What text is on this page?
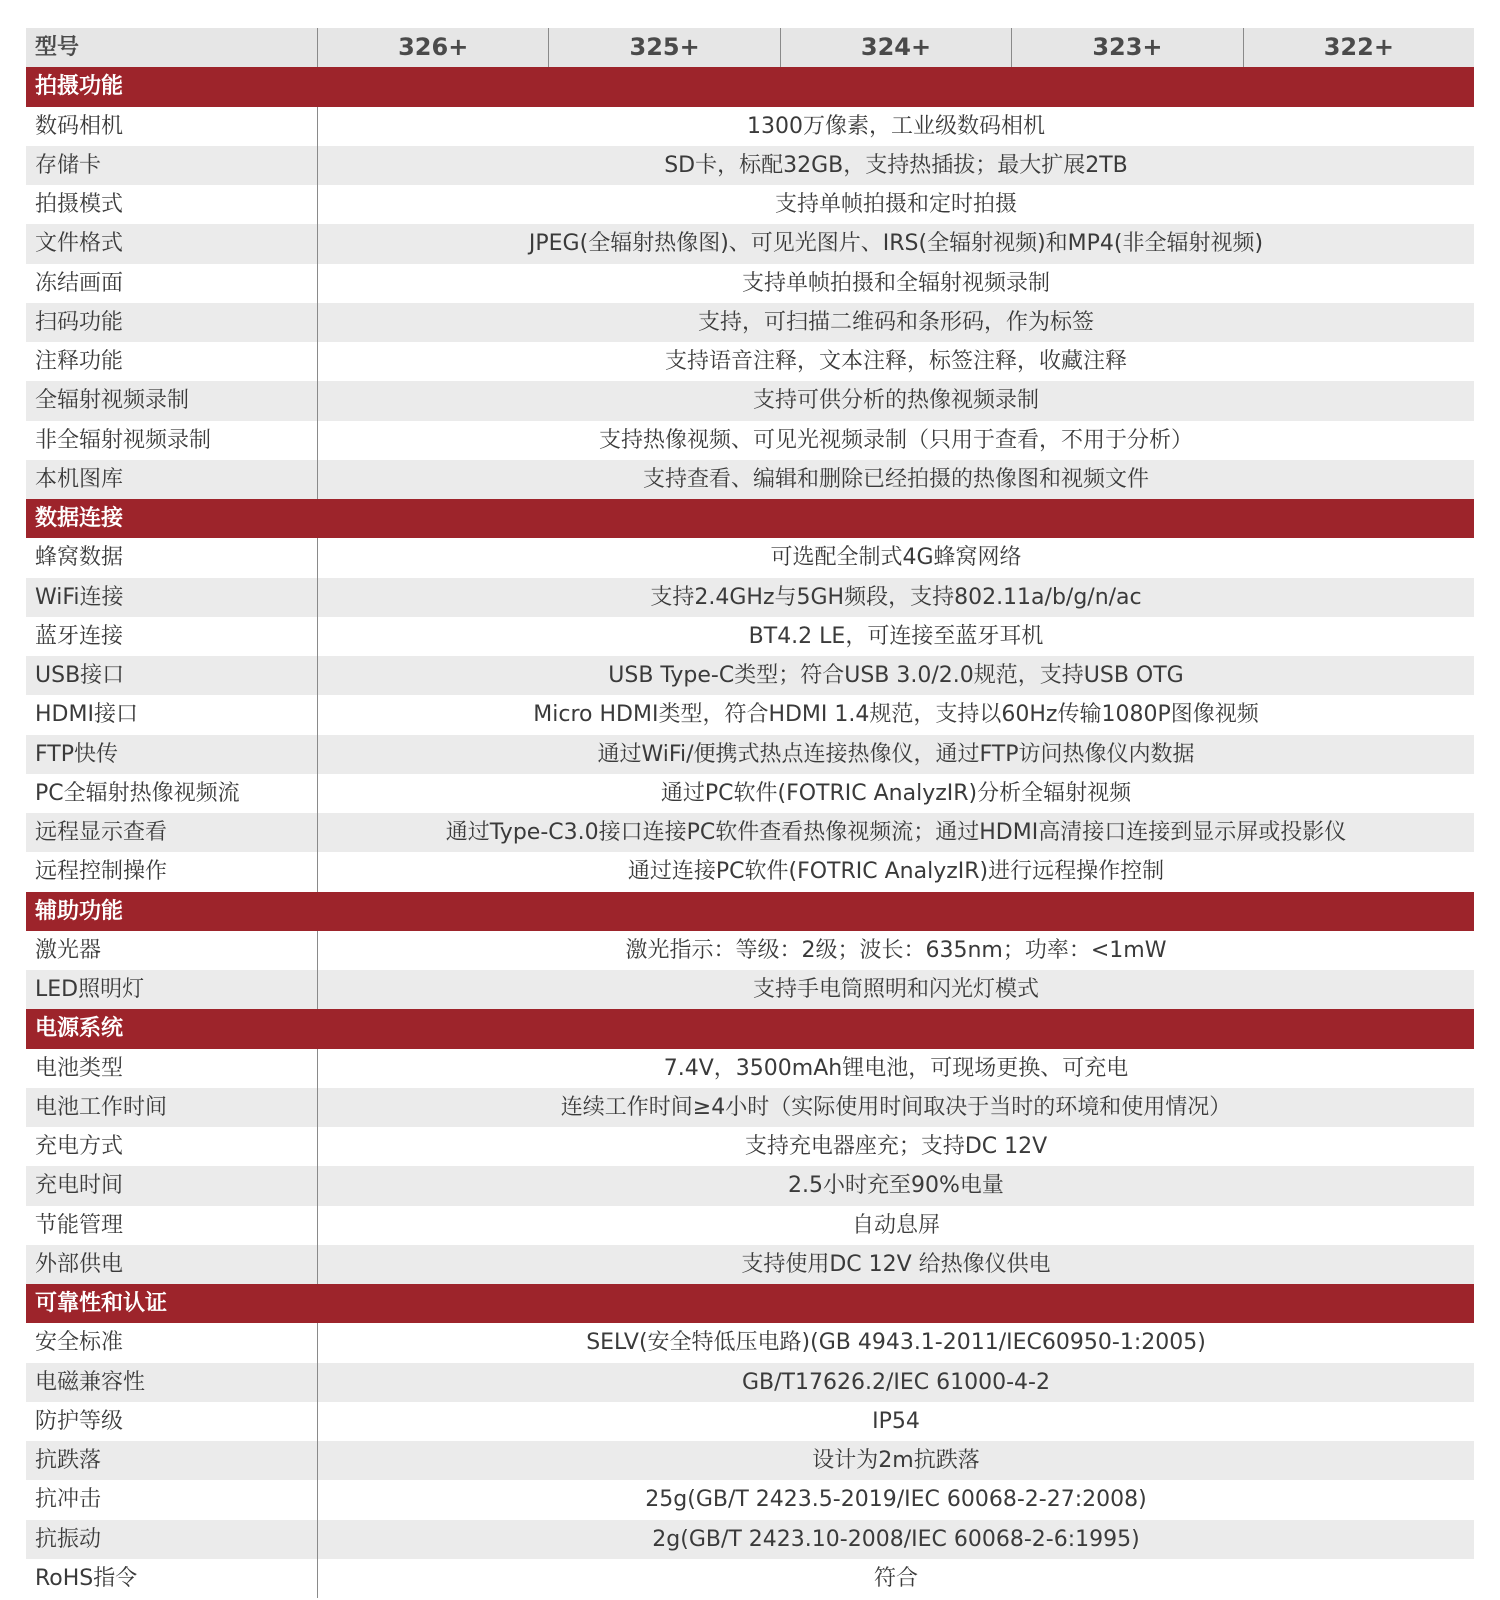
型号	326+	325+	324+	323+	322+
拍摄功能
数码相机	1300万像素，工业级数码相机
存储卡	SD卡，标配32GB，支持热插拔；最大扩展2TB
拍摄模式	支持单帧拍摄和定时拍摄
文件格式	JPEG(全辐射热像图)、可见光图片、IRS(全辐射视频)和MP4(非全辐射视频)
冻结画面	支持单帧拍摄和全辐射视频录制
扫码功能	支持，可扫描二维码和条形码，作为标签
注释功能	支持语音注释，文本注释，标签注释，收藏注释
全辐射视频录制	支持可供分析的热像视频录制
非全辐射视频录制	支持热像视频、可见光视频录制（只用于查看，不用于分析）
本机图库	支持查看、编辑和删除已经拍摄的热像图和视频文件
数据连接
蜂窝数据	可选配全制式4G蜂窝网络
WiFi连接	支持2.4GHz与5GH频段，支持802.11a/b/g/n/ac
蓝牙连接	BT4.2 LE，可连接至蓝牙耳机
USB接口	USB Type-C类型；符合USB 3.0/2.0规范，支持USB OTG
HDMI接口	Micro HDMI类型，符合HDMI 1.4规范，支持以60Hz传输1080P图像视频
FTP快传	通过WiFi/便携式热点连接热像仪，通过FTP访问热像仪内数据
PC全辐射热像视频流	通过PC软件(FOTRIC AnalyzIR)分析全辐射视频
远程显示查看	通过Type-C3.0接口连接PC软件查看热像视频流；通过HDMI高清接口连接到显示屏或投影仪
远程控制操作	通过连接PC软件(FOTRIC AnalyzIR)进行远程操作控制
辅助功能
激光器	激光指示：等级：2级；波长：635nm；功率：<1mW
LED照明灯	支持手电筒照明和闪光灯模式
电源系统
电池类型	7.4V，3500mAh锂电池，可现场更换、可充电
电池工作时间	连续工作时间≥4小时（实际使用时间取决于当时的环境和使用情况）
充电方式	支持充电器座充；支持DC 12V
充电时间	2.5小时充至90%电量
节能管理	自动息屏
外部供电	支持使用DC 12V 给热像仪供电
可靠性和认证
安全标准	SELV(安全特低压电路)(GB 4943.1-2011/IEC60950-1:2005)
电磁兼容性	GB/T17626.2/IEC 61000-4-2
防护等级	IP54
抗跌落	设计为2m抗跌落
抗冲击	25g(GB/T 2423.5-2019/IEC 60068-2-27:2008)
抗振动	2g(GB/T 2423.10-2008/IEC 60068-2-6:1995)
RoHS指令	符合
